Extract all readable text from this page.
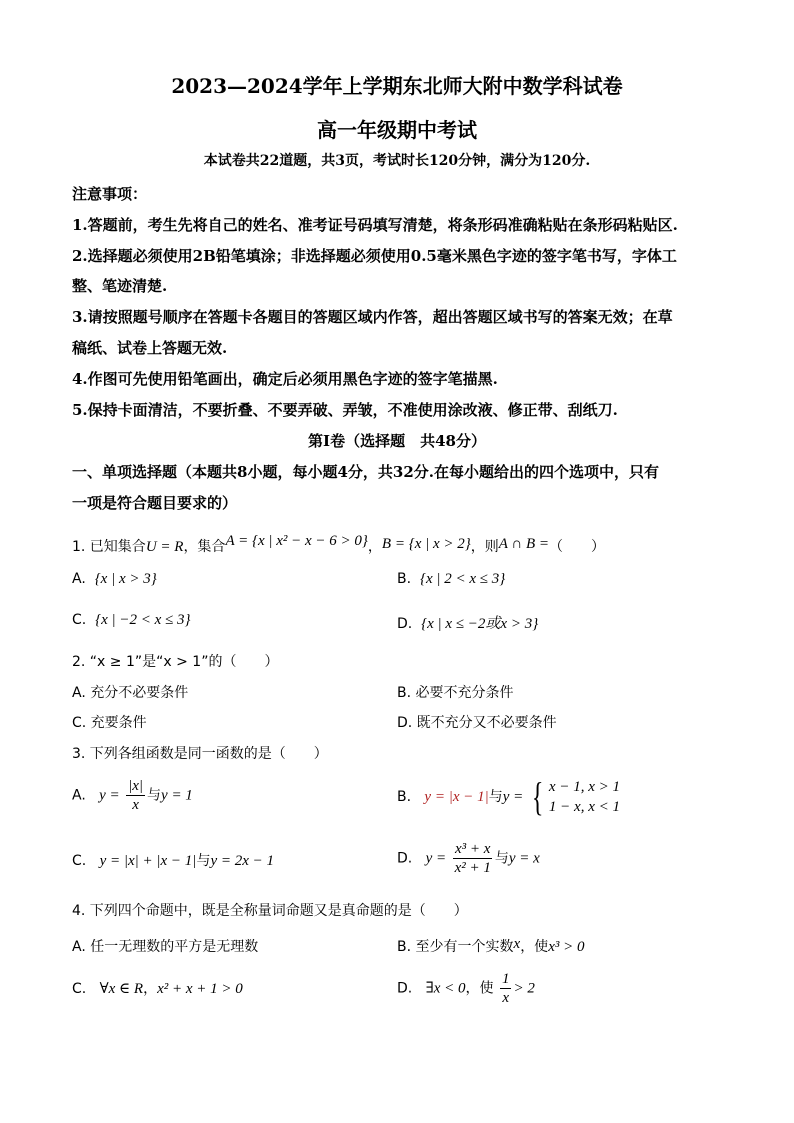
2023—2024学年上学期东北师大附中数学科试卷
高一年级期中考试
本试卷共22道题，共3页，考试时长120分钟，满分为120分.
注意事项：
1.答题前，考生先将自己的姓名、准考证号码填写清楚，将条形码准确粘贴在条形码粘贴区.
2.选择题必须使用2B铅笔填涂；非选择题必须使用0.5毫米黑色字迹的签字笔书写，字体工
整、笔迹清楚.
3.请按照题号顺序在答题卡各题目的答题区域内作答，超出答题区域书写的答案无效；在草
稿纸、试卷上答题无效.
4.作图可先使用铅笔画出，确定后必须用黑色字迹的签字笔描黑.
5.保持卡面清洁，不要折叠、不要弄破、弄皱，不准使用涂改液、修正带、刮纸刀.
第Ⅰ卷（选择题　共48分）
一、单项选择题（本题共8小题，每小题4分，共32分.在每小题给出的四个选项中，只有
一项是符合题目要求的）
1. 已知集合U = R，集合A = {x | x² − x − 6 > 0}，B = {x | x > 2}，则A ∩ B =（　　）
A. {x | x > 3}	B. {x | 2 < x ≤ 3}
C. {x | −2 < x ≤ 3}	D. {x | x ≤ −2或x > 3}
2. “x ≥ 1”是“x > 1”的（　　）
A. 充分不必要条件	B. 必要不充分条件
C. 充要条件	D. 既不充分又不必要条件
3. 下列各组函数是同一函数的是（　　）
A. $y = \frac{|x|}{x}$ 与y = 1	B. y = |x − 1|与y = { x − 1, x > 1
1 − x, x < 1
C. y = |x| + |x − 1|与y = 2x − 1	D. $y = \frac{\text{x³ + x}}{\text{x² + 1}}$ 与y = x
4. 下列四个命题中，既是全称量词命题又是真命题的是（　　）
A. 任一无理数的平方是无理数	B. 至少有一个实数x，使x³ > 0
C. ∀x ∈ R，x² + x + 1 > 0	D. ∃x < 0，使 $\frac{1}{x} > 2$
